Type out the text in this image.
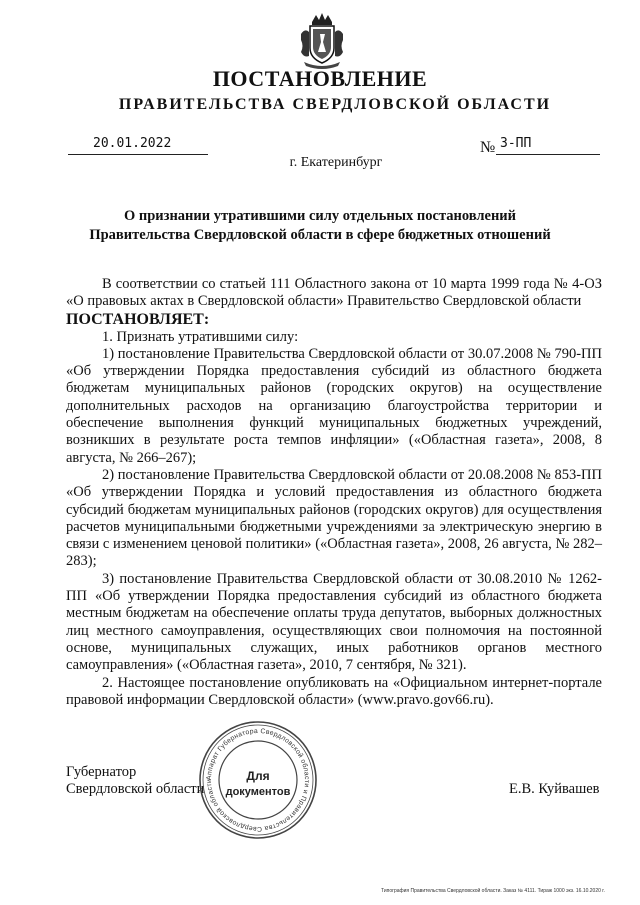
ПОСТАНОВЛЕНИЕ
ПРАВИТЕЛЬСТВА СВЕРДЛОВСКОЙ ОБЛАСТИ
20.01.2022	№ 3-ПП
г. Екатеринбург
О признании утратившими силу отдельных постановлений
Правительства Свердловской области в сфере бюджетных отношений

В соответствии со статьей 111 Областного закона от 10 марта 1999 года № 4-ОЗ «О правовых актах в Свердловской области» Правительство Свердловской области

ПОСТАНОВЛЯЕТ:

1. Признать утратившими силу:

1) постановление Правительства Свердловской области от 30.07.2008 № 790-ПП «Об утверждении Порядка предоставления субсидий из областного бюджета бюджетам муниципальных районов (городских округов) на осуществление дополнительных расходов на организацию благоустройства территории и обеспечение выполнения функций муниципальных бюджетных учреждений, возникших в результате роста темпов инфляции» («Областная газета», 2008, 8 августа, № 266–267);

2) постановление Правительства Свердловской области от 20.08.2008 № 853-ПП «Об утверждении Порядка и условий предоставления из областного бюджета субсидий бюджетам муниципальных районов (городских округов) для осуществления расчетов муниципальными бюджетными учреждениями за электрическую энергию в связи с изменением ценовой политики» («Областная газета», 2008, 26 августа, № 282–283);

3) постановление Правительства Свердловской области от 30.08.2010 № 1262-ПП «Об утверждении Порядка предоставления субсидий из областного бюджета местным бюджетам на обеспечение оплаты труда депутатов, выборных должностных лиц местного самоуправления, осуществляющих свои полномочия на постоянной основе, муниципальных служащих, иных работников органов местного самоуправления» («Областная газета», 2010, 7 сентября, № 321).

2. Настоящее постановление опубликовать на «Официальном интернет-портале правовой информации Свердловской области» (www.pravo.gov66.ru).

Губернатор
Свердловской области	Е.В. Куйвашев
Аппарат Губернатора Свердловской области и Правительства Свердловской области	Для
документов
Типография Правительства Свердловской области. Заказ № 4111. Тираж 1000 экз. 16.10.2020 г.
